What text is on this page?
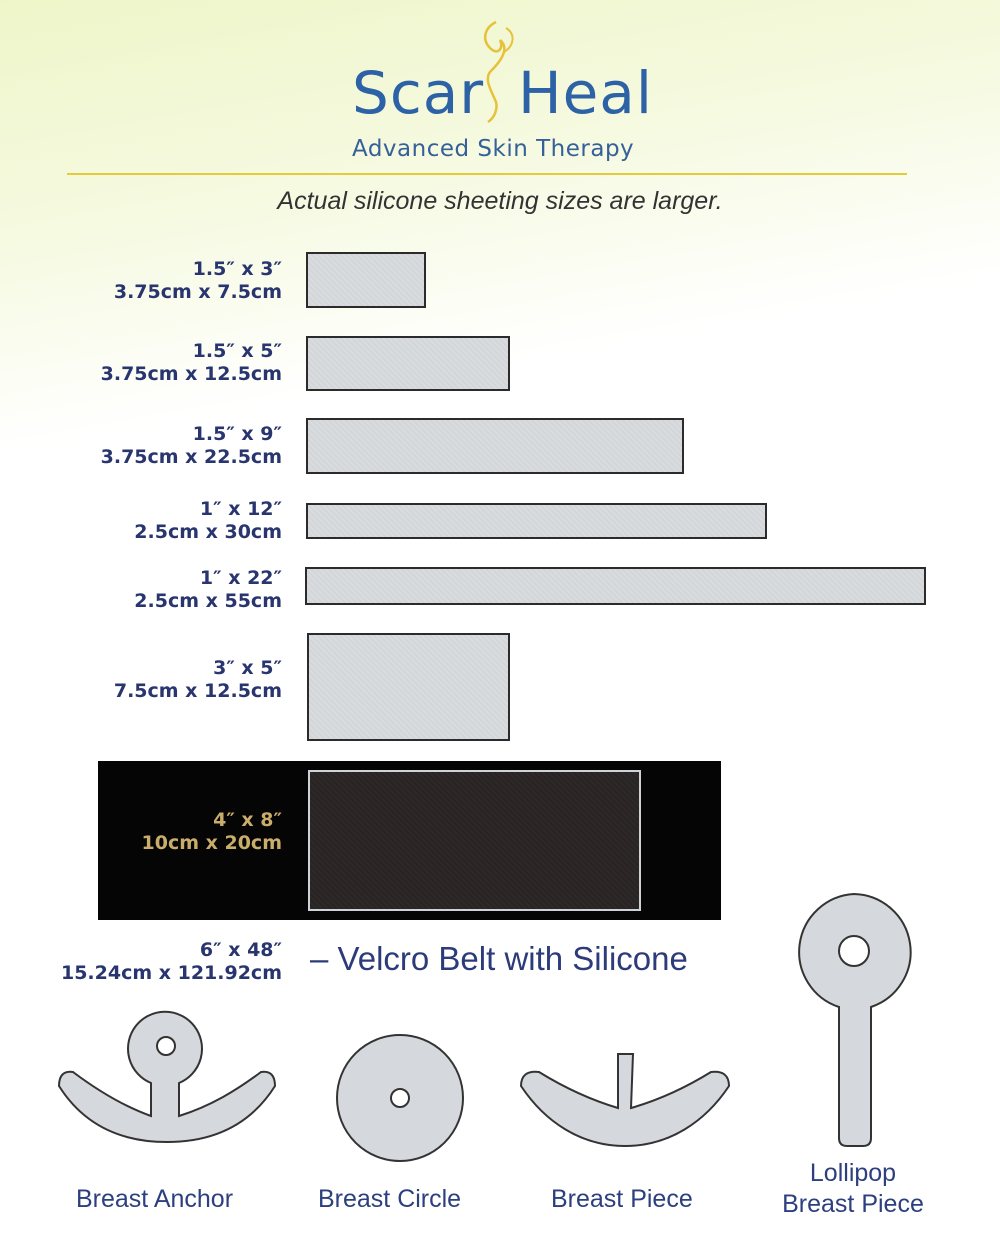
Scar Heal
Advanced Skin Therapy
Actual silicone sheeting sizes are larger.
1.5″ x 3″
3.75cm x 7.5cm
1.5″ x 5″
3.75cm x 12.5cm
1.5″ x 9″
3.75cm x 22.5cm
1″ x 12″
2.5cm x 30cm
1″ x 22″
2.5cm x 55cm
3″ x 5″
7.5cm x 12.5cm
4″ x 8″
10cm x 20cm
6″ x 48″
15.24cm x 121.92cm – Velcro Belt with Silicone
Breast Anchor	Breast Circle	Breast Piece
Lollipop
Breast Piece
